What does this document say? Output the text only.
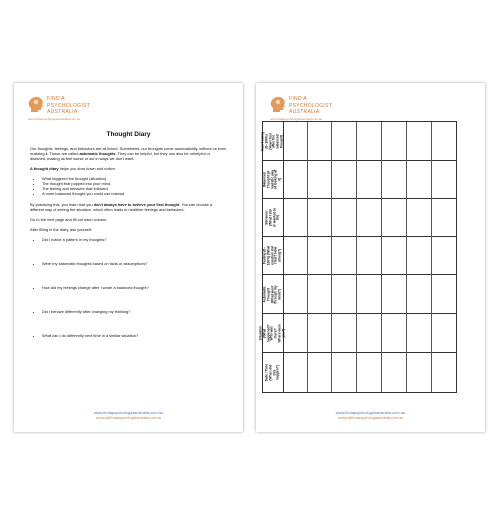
FIND A
PSYCHOLOGIST
AUSTRALIA
www.findapsychologistaustralia.com.au
Thought Diary

Our thoughts, feelings, and behaviors are all linked. Sometimes, our thoughts come automatically, without us even realizing it. These are called automatic thoughts. They can be helpful, but they can also be unhelpful or distorted, making us feel worse or act in ways we don't want.

A thought diary helps you slow down and notice:

• What triggered the thought (situation).
• The thought that popped into your mind.
• The feeling and behavior that followed.
• A more balanced thought you could use instead.

By practicing this, you learn that you don't always have to believe your first thought. You can choose a different way of seeing the situation, which often leads to healthier feelings and behaviors.

Go to the next page and fill out each column.

After filling in the diary, ask yourself:

• Did I notice a pattern in my thoughts?
• Were my automatic thoughts based on facts or assumptions?
• How did my feelings change after I wrote a balanced thought?
• Did I behave differently after changing my thinking?
• What can I do differently next time in a similar situation?
www.findapsychologistaustralia.com.au
contact@findapsychologistaustralia.com.au
FIND A
PSYCHOLOGIST
AUSTRALIA
www.findapsychologistaustralia.com.au
New Feeling (0–100%) (How I feel after the balanced thought)
Balanced Thought (A realistic way of looking at it)
Behavior (What I did or wanted to do)
Feeling (0–100%) (What emotion did I feel? How strong?)
Automatic Thought (What went through my mind?)
Situation (What happened? Who was there? Where were you?)
Date / Time (When did this happen?)
www.findapsychologistaustralia.com.au
contact@findapsychologistaustralia.com.au
